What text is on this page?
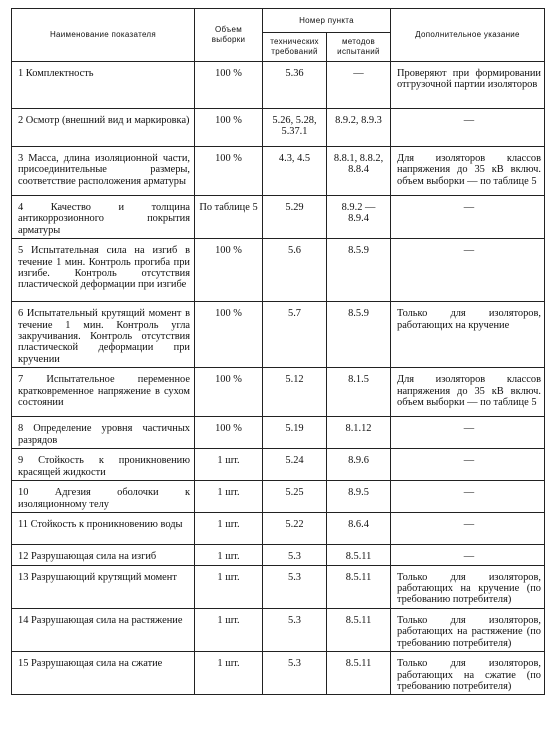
Наименование показателя	Объем выборки	Номер пункта		Дополнительное указание
		технических требований	методов испытаний	
1 Комплектность	100 %	5.36	—	Проверяют при формировании отгрузочной партии изоляторов
2 Осмотр (внешний вид и маркировка)	100 %	5.26, 5.28, 5.37.1	8.9.2, 8.9.3	—
3 Масса, длина изоляционной части, присоединительные размеры, соответствие расположения арматуры	100 %	4.3, 4.5	8.8.1, 8.8.2, 8.8.4	Для изоляторов классов напряжения до 35 кВ включ. объем выборки — по таблице 5
4 Качество и толщина антикоррозионного покрытия арматуры	По таблице 5	5.29	8.9.2 — 8.9.4	—
5 Испытательная сила на изгиб в течение 1 мин. Контроль прогиба при изгибе. Контроль отсутствия пластической деформации при изгибе	100 %	5.6	8.5.9	—
6 Испытательный крутящий момент в течение 1 мин. Контроль угла закручивания. Контроль отсутствия пластической деформации при кручении	100 %	5.7	8.5.9	Только для изоляторов, работающих на кручение
7 Испытательное переменное кратковременное напряжение в сухом состоянии	100 %	5.12	8.1.5	Для изоляторов классов напряжения до 35 кВ включ. объем выборки — по таблице 5
8 Определение уровня частичных разрядов	100 %	5.19	8.1.12	—
9 Стойкость к проникновению красящей жидкости	1 шт.	5.24	8.9.6	—
10 Адгезия оболочки к изоляционному телу	1 шт.	5.25	8.9.5	—
11 Стойкость к проникновению воды	1 шт.	5.22	8.6.4	—
12 Разрушающая сила на изгиб	1 шт.	5.3	8.5.11	—
13 Разрушающий крутящий момент	1 шт.	5.3	8.5.11	Только для изоляторов, работающих на кручение (по требованию потребителя)
14 Разрушающая сила на растяжение	1 шт.	5.3	8.5.11	Только для изоляторов, работающих на растяжение (по требованию потребителя)
15 Разрушающая сила на сжатие	1 шт.	5.3	8.5.11	Только для изоляторов, работающих на сжатие (по требованию потребителя)
